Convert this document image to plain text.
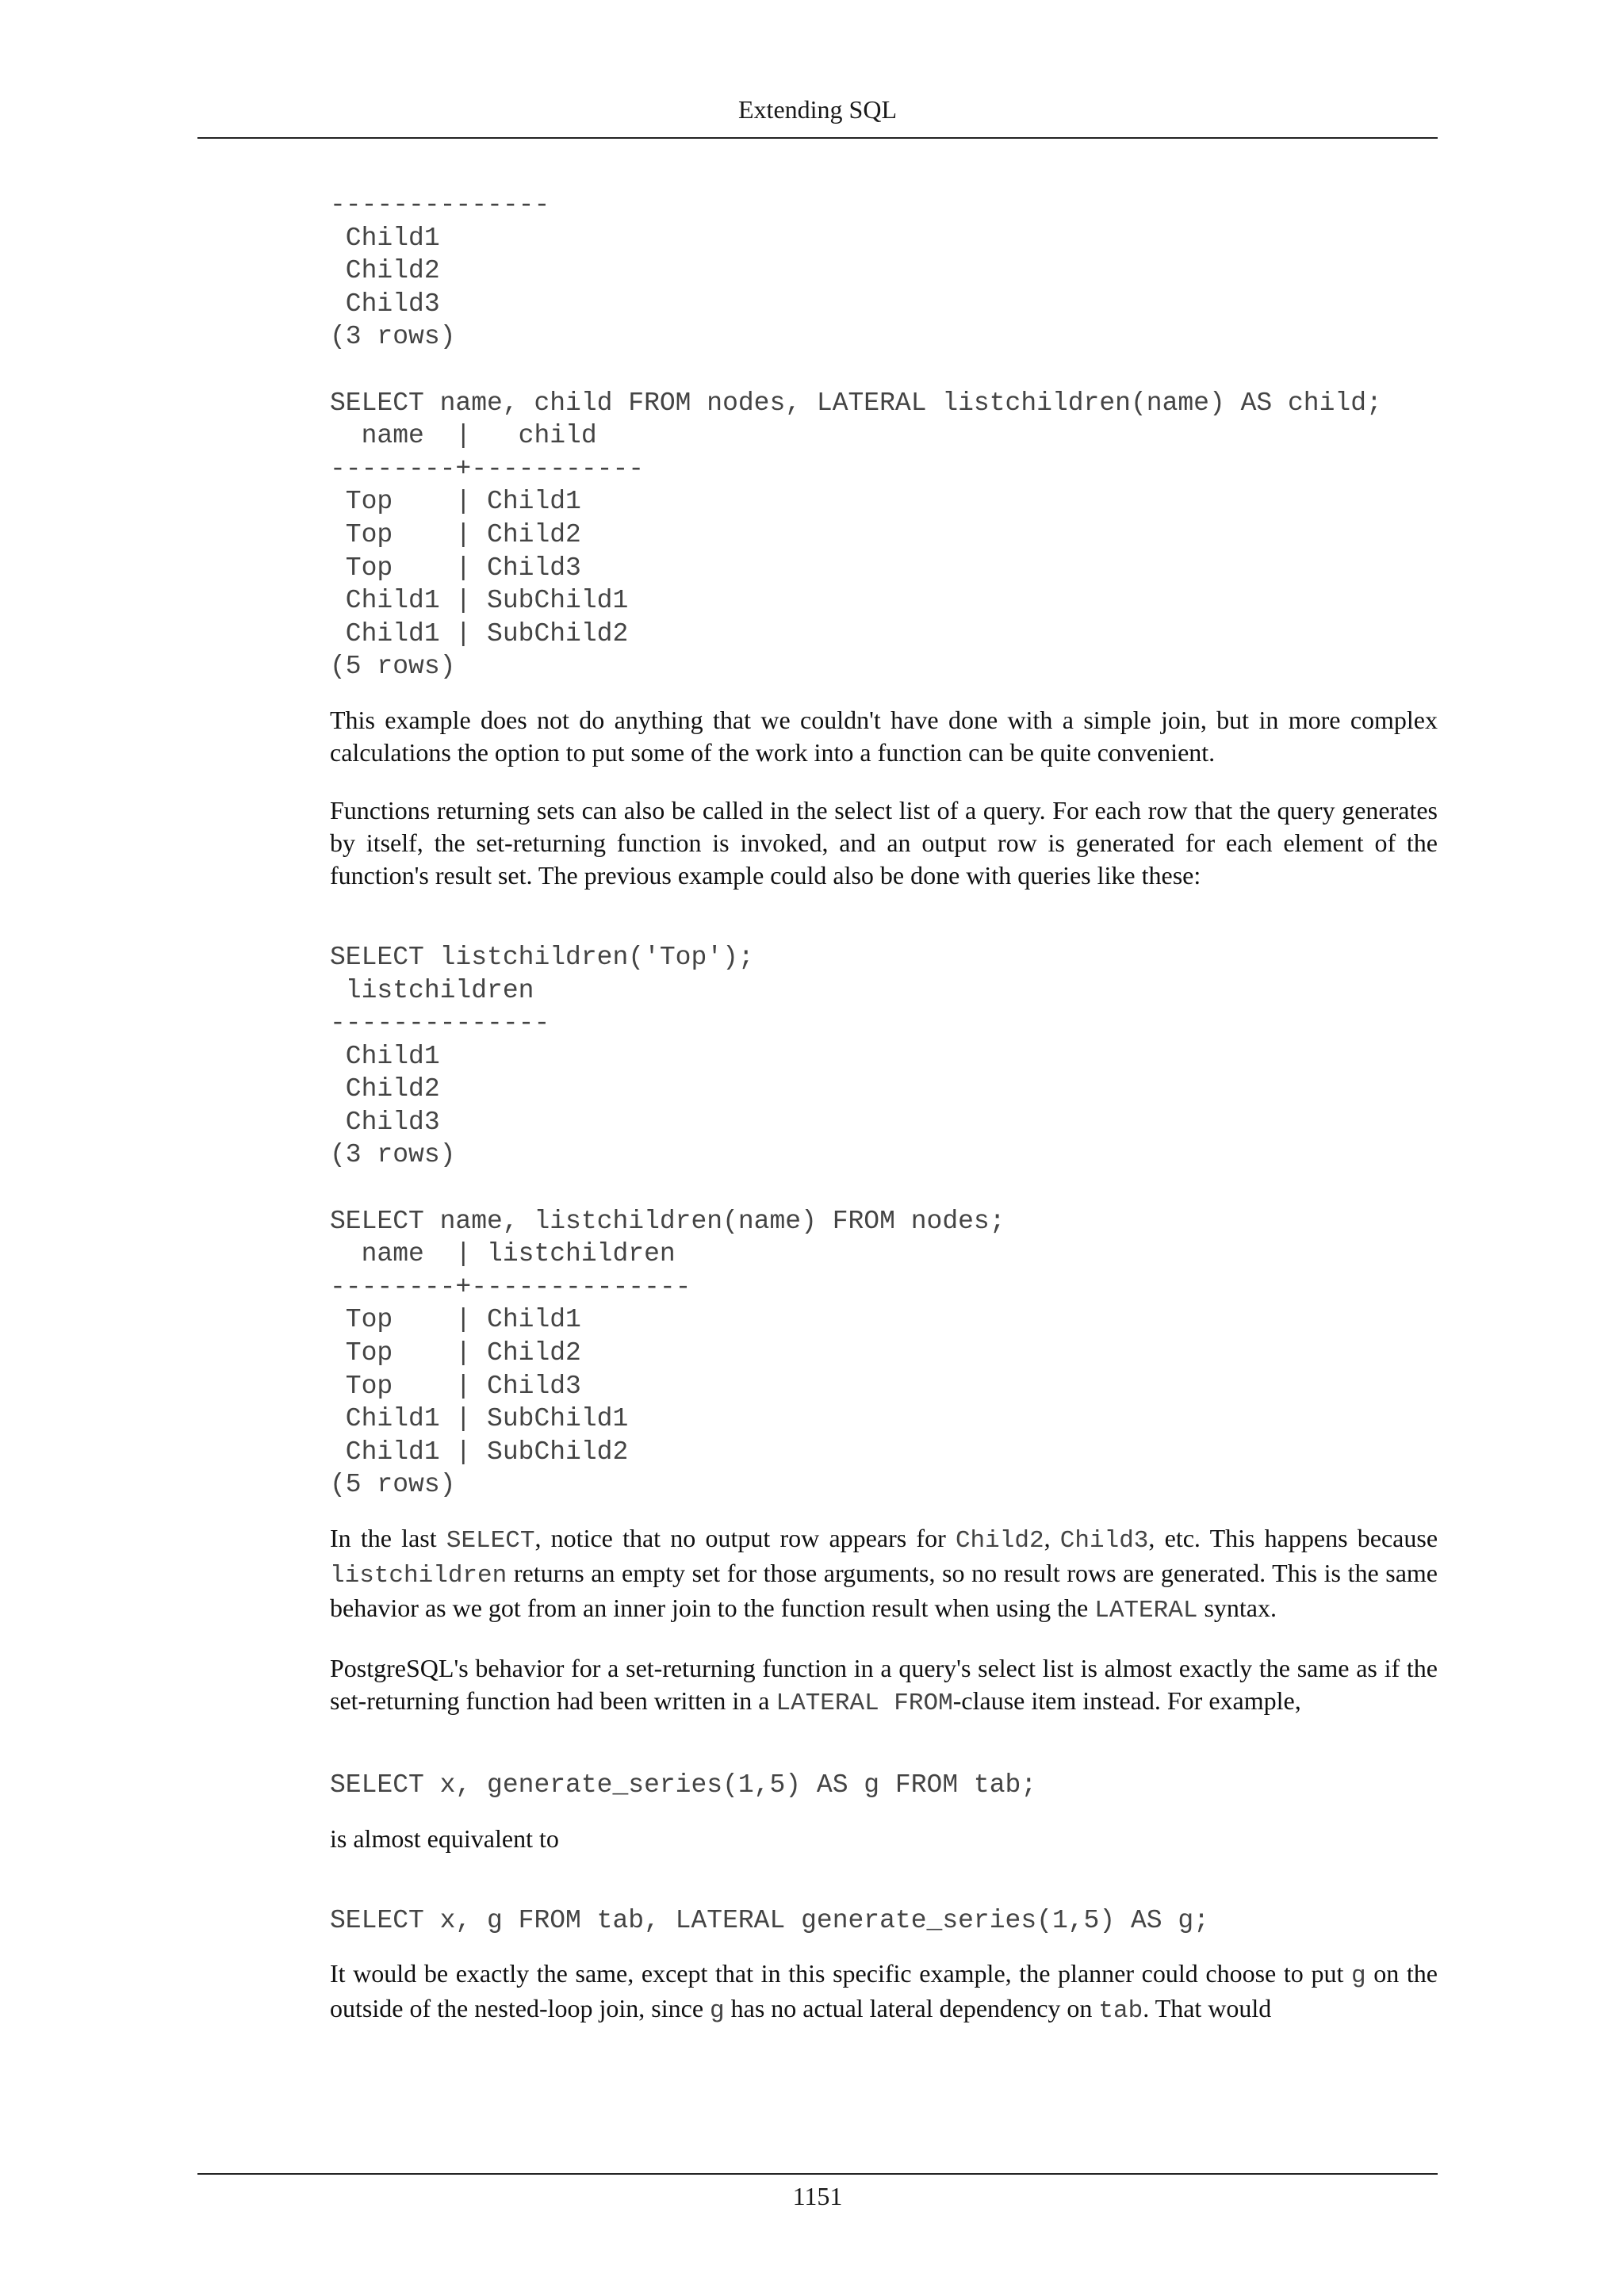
Extending SQL
--------------
Child1
Child2
Child3
(3 rows)

SELECT name, child FROM nodes, LATERAL listchildren(name) AS child;
name  |   child
--------+-----------
Top    | Child1
Top    | Child2
Top    | Child3
Child1 | SubChild1
Child1 | SubChild2
(5 rows)

This example does not do anything that we couldn't have done with a simple join, but in more complex calculations the option to put some of the work into a function can be quite convenient.

Functions returning sets can also be called in the select list of a query. For each row that the query generates by itself, the set-returning function is invoked, and an output row is generated for each element of the function's result set. The previous example could also be done with queries like these:

SELECT listchildren('Top');
listchildren
--------------
Child1
Child2
Child3
(3 rows)

SELECT name, listchildren(name) FROM nodes;
name  | listchildren
--------+--------------
Top    | Child1
Top    | Child2
Top    | Child3
Child1 | SubChild1
Child1 | SubChild2
(5 rows)

In the last SELECT, notice that no output row appears for Child2, Child3, etc. This happens because listchildren returns an empty set for those arguments, so no result rows are generated. This is the same behavior as we got from an inner join to the function result when using the LATERAL syntax.

PostgreSQL's behavior for a set-returning function in a query's select list is almost exactly the same as if the set-returning function had been written in a LATERAL FROM-clause item instead. For example,

SELECT x, generate_series(1,5) AS g FROM tab;

is almost equivalent to

SELECT x, g FROM tab, LATERAL generate_series(1,5) AS g;

It would be exactly the same, except that in this specific example, the planner could choose to put g on the outside of the nested-loop join, since g has no actual lateral dependency on tab. That would

1151
